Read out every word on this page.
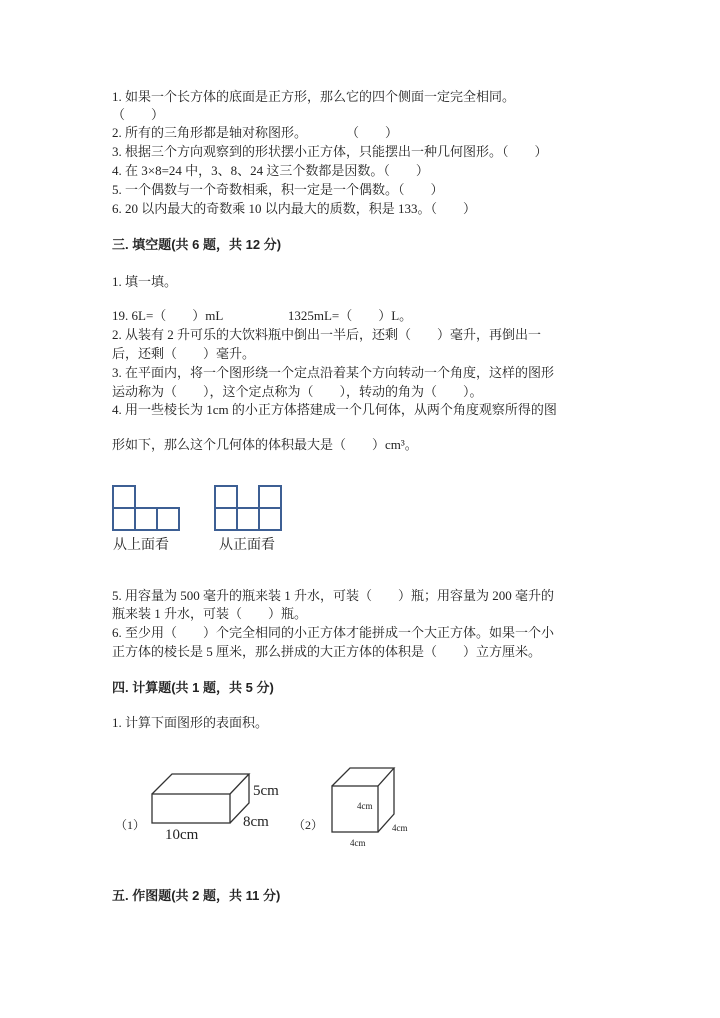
1. 如果一个长方体的底面是正方形，那么它的四个侧面一定完全相同。
（　　）
2. 所有的三角形都是轴对称图形。　　　　（　　）
3. 根据三个方向观察到的形状摆小正方体，只能摆出一种几何图形。（　　）
4. 在 3×8=24 中，3、8、24 这三个数都是因数。（　　）
5. 一个偶数与一个奇数相乘，积一定是一个偶数。（　　）
6. 20 以内最大的奇数乘 10 以内最大的质数，积是 133。（　　）
三. 填空题(共 6 题，共 12 分)
1. 填一填。
19. 6L=（　　）mL　　　　　1325mL=（　　）L。
2. 从装有 2 升可乐的大饮料瓶中倒出一半后，还剩（　　）毫升，再倒出一
后，还剩（　　）毫升。
3. 在平面内，将一个图形绕一个定点沿着某个方向转动一个角度，这样的图形
运动称为（　　），这个定点称为（　　），转动的角为（　　）。
4. 用一些棱长为 1cm 的小正方体搭建成一个几何体，从两个角度观察所得的图
形如下，那么这个几何体的体积最大是（　　）cm³。
从上面看	从正面看
5. 用容量为 500 毫升的瓶来装 1 升水，可装（　　）瓶；用容量为 200 毫升的
瓶来装 1 升水，可装（　　）瓶。
6. 至少用（　　）个完全相同的小正方体才能拼成一个大正方体。如果一个小
正方体的棱长是 5 厘米，那么拼成的大正方体的体积是（　　）立方厘米。
四. 计算题(共 1 题，共 5 分)
1. 计算下面图形的表面积。
（1）
10cm
8cm
5cm
（2）
4cm
4cm
4cm
五. 作图题(共 2 题，共 11 分)
